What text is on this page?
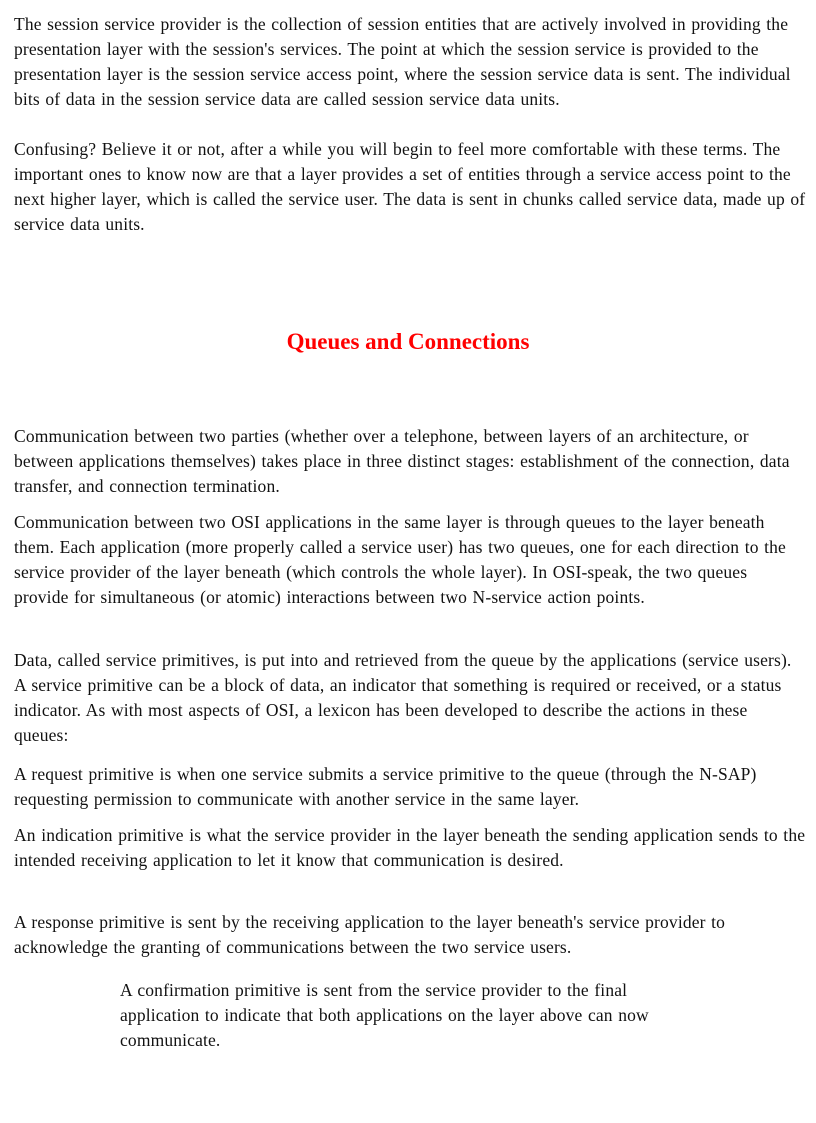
The session service provider is the collection of session entities that are actively involved in providing the presentation layer with the session's services. The point at which the session service is provided to the presentation layer is the session service access point, where the session service data is sent. The individual bits of data in the session service data are called session service data units.

Confusing? Believe it or not, after a while you will begin to feel more comfortable with these terms. The important ones to know now are that a layer provides a set of entities through a service access point to the next higher layer, which is called the service user. The data is sent in chunks called service data, made up of service data units.

Queues and Connections

Communication between two parties (whether over a telephone, between layers of an architecture, or between applications themselves) takes place in three distinct stages: establishment of the connection, data transfer, and connection termination.

Communication between two OSI applications in the same layer is through queues to the layer beneath them. Each application (more properly called a service user) has two queues, one for each direction to the service provider of the layer beneath (which controls the whole layer). In OSI-speak, the two queues provide for simultaneous (or atomic) interactions between two N-service action points.

Data, called service primitives, is put into and retrieved from the queue by the applications (service users). A service primitive can be a block of data, an indicator that something is required or received, or a status indicator. As with most aspects of OSI, a lexicon has been developed to describe the actions in these queues:

A request primitive is when one service submits a service primitive to the queue (through the N-SAP) requesting permission to communicate with another service in the same layer.

An indication primitive is what the service provider in the layer beneath the sending application sends to the intended receiving application to let it know that communication is desired.

A response primitive is sent by the receiving application to the layer beneath's service provider to acknowledge the granting of communications between the two service users.

A confirmation primitive is sent from the service provider to the final application to indicate that both applications on the layer above can now communicate.
